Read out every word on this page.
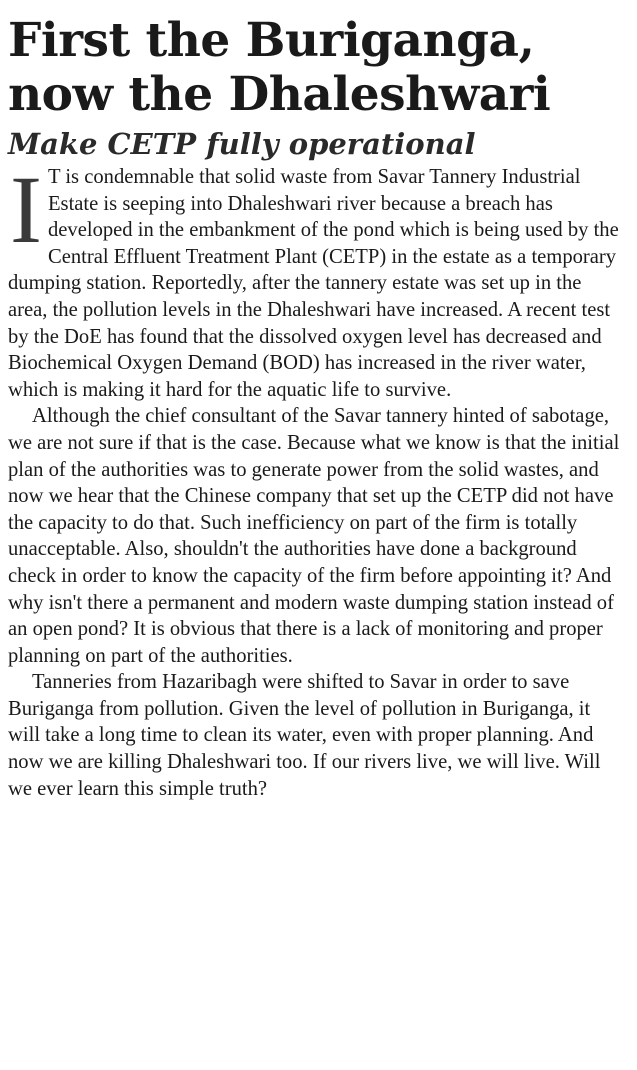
First the Buriganga,
now the Dhaleshwari
Make CETP fully operational

I T is condemnable that solid waste from Savar Tannery Industrial Estate is seeping into Dhaleshwari river because a breach has developed in the embankment of the pond which is being used by the Central Effluent Treatment Plant (CETP) in the estate as a temporary dumping station. Reportedly, after the tannery estate was set up in the area, the pollution levels in the Dhaleshwari have increased. A recent test by the DoE has found that the dissolved oxygen level has decreased and Biochemical Oxygen Demand (BOD) has increased in the river water, which is making it hard for the aquatic life to survive.

Although the chief consultant of the Savar tannery hinted of sabotage, we are not sure if that is the case. Because what we know is that the initial plan of the authorities was to generate power from the solid wastes, and now we hear that the Chinese company that set up the CETP did not have the capacity to do that. Such inefficiency on part of the firm is totally unacceptable. Also, shouldn't the authorities have done a background check in order to know the capacity of the firm before appointing it? And why isn't there a permanent and modern waste dumping station instead of an open pond? It is obvious that there is a lack of monitoring and proper planning on part of the authorities.

Tanneries from Hazaribagh were shifted to Savar in order to save Buriganga from pollution. Given the level of pollution in Buriganga, it will take a long time to clean its water, even with proper planning. And now we are killing Dhaleshwari too. If our rivers live, we will live. Will we ever learn this simple truth?
